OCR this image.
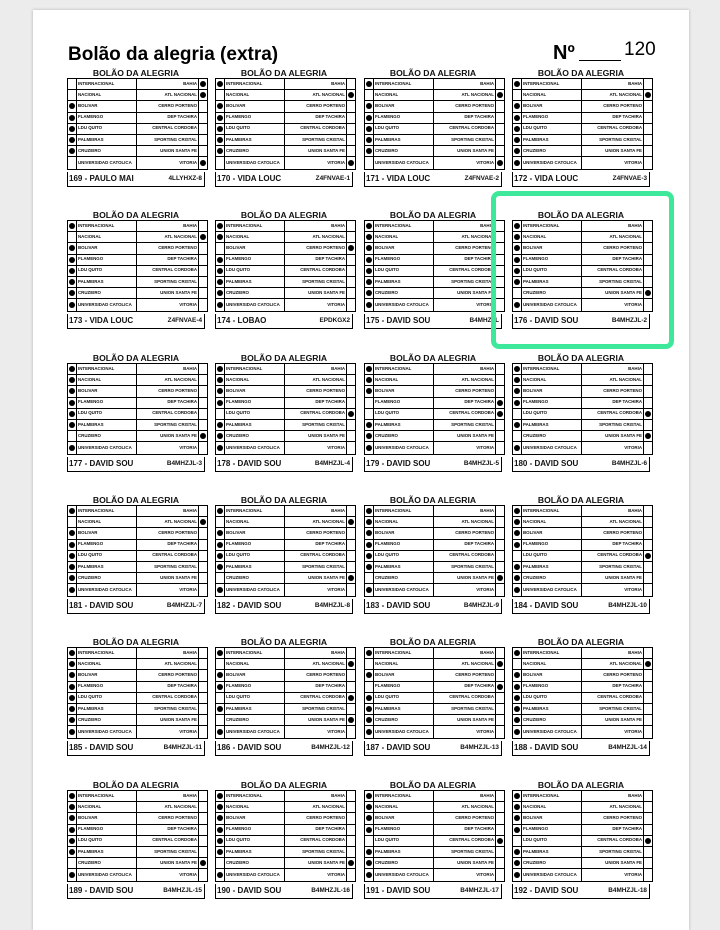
Bolão da alegria (extra)	Nº	120
BOLÃO DA ALEGRIA
	INTERNACIONAL	BAHIA	
	NACIONAL	ATL NACIONAL	
	BOLIVAR	CERRO PORTENO	
	FLAMENGO	DEP TACHIRA	
	LDU QUITO	CENTRAL CORDOBA	
	PALMEIRAS	SPORTING CRISTAL	
	CRUZEIRO	UNION SANTA FE	
	UNIVERSIDAD CATOLICA	VITORIA	
169 - PAULO MAI	4LLYHXZ-8
BOLÃO DA ALEGRIA
	INTERNACIONAL	BAHIA	
	NACIONAL	ATL NACIONAL	
	BOLIVAR	CERRO PORTENO	
	FLAMENGO	DEP TACHIRA	
	LDU QUITO	CENTRAL CORDOBA	
	PALMEIRAS	SPORTING CRISTAL	
	CRUZEIRO	UNION SANTA FE	
	UNIVERSIDAD CATOLICA	VITORIA	
170 - VIDA LOUC	Z4FNVAE-1
BOLÃO DA ALEGRIA
	INTERNACIONAL	BAHIA	
	NACIONAL	ATL NACIONAL	
	BOLIVAR	CERRO PORTENO	
	FLAMENGO	DEP TACHIRA	
	LDU QUITO	CENTRAL CORDOBA	
	PALMEIRAS	SPORTING CRISTAL	
	CRUZEIRO	UNION SANTA FE	
	UNIVERSIDAD CATOLICA	VITORIA	
171 - VIDA LOUC	Z4FNVAE-2
BOLÃO DA ALEGRIA
	INTERNACIONAL	BAHIA	
	NACIONAL	ATL NACIONAL	
	BOLIVAR	CERRO PORTENO	
	FLAMENGO	DEP TACHIRA	
	LDU QUITO	CENTRAL CORDOBA	
	PALMEIRAS	SPORTING CRISTAL	
	CRUZEIRO	UNION SANTA FE	
	UNIVERSIDAD CATOLICA	VITORIA	
172 - VIDA LOUC	Z4FNVAE-3
BOLÃO DA ALEGRIA
	INTERNACIONAL	BAHIA	
	NACIONAL	ATL NACIONAL	
	BOLIVAR	CERRO PORTENO	
	FLAMENGO	DEP TACHIRA	
	LDU QUITO	CENTRAL CORDOBA	
	PALMEIRAS	SPORTING CRISTAL	
	CRUZEIRO	UNION SANTA FE	
	UNIVERSIDAD CATOLICA	VITORIA	
173 - VIDA LOUC	Z4FNVAE-4
BOLÃO DA ALEGRIA
	INTERNACIONAL	BAHIA	
	NACIONAL	ATL NACIONAL	
	BOLIVAR	CERRO PORTENO	
	FLAMENGO	DEP TACHIRA	
	LDU QUITO	CENTRAL CORDOBA	
	PALMEIRAS	SPORTING CRISTAL	
	CRUZEIRO	UNION SANTA FE	
	UNIVERSIDAD CATOLICA	VITORIA	
174 - LOBAO	EPDKGX2
BOLÃO DA ALEGRIA
	INTERNACIONAL	BAHIA	
	NACIONAL	ATL NACIONAL	
	BOLIVAR	CERRO PORTENO	
	FLAMENGO	DEP TACHIRA	
	LDU QUITO	CENTRAL CORDOBA	
	PALMEIRAS	SPORTING CRISTAL	
	CRUZEIRO	UNION SANTA FE	
	UNIVERSIDAD CATOLICA	VITORIA	
175 - DAVID SOU	B4MHZJL
BOLÃO DA ALEGRIA
	INTERNACIONAL	BAHIA	
	NACIONAL	ATL NACIONAL	
	BOLIVAR	CERRO PORTENO	
	FLAMENGO	DEP TACHIRA	
	LDU QUITO	CENTRAL CORDOBA	
	PALMEIRAS	SPORTING CRISTAL	
	CRUZEIRO	UNION SANTA FE	
	UNIVERSIDAD CATOLICA	VITORIA	
176 - DAVID SOU	B4MHZJL-2
BOLÃO DA ALEGRIA
	INTERNACIONAL	BAHIA	
	NACIONAL	ATL NACIONAL	
	BOLIVAR	CERRO PORTENO	
	FLAMENGO	DEP TACHIRA	
	LDU QUITO	CENTRAL CORDOBA	
	PALMEIRAS	SPORTING CRISTAL	
	CRUZEIRO	UNION SANTA FE	
	UNIVERSIDAD CATOLICA	VITORIA	
177 - DAVID SOU	B4MHZJL-3
BOLÃO DA ALEGRIA
	INTERNACIONAL	BAHIA	
	NACIONAL	ATL NACIONAL	
	BOLIVAR	CERRO PORTENO	
	FLAMENGO	DEP TACHIRA	
	LDU QUITO	CENTRAL CORDOBA	
	PALMEIRAS	SPORTING CRISTAL	
	CRUZEIRO	UNION SANTA FE	
	UNIVERSIDAD CATOLICA	VITORIA	
178 - DAVID SOU	B4MHZJL-4
BOLÃO DA ALEGRIA
	INTERNACIONAL	BAHIA	
	NACIONAL	ATL NACIONAL	
	BOLIVAR	CERRO PORTENO	
	FLAMENGO	DEP TACHIRA	
	LDU QUITO	CENTRAL CORDOBA	
	PALMEIRAS	SPORTING CRISTAL	
	CRUZEIRO	UNION SANTA FE	
	UNIVERSIDAD CATOLICA	VITORIA	
179 - DAVID SOU	B4MHZJL-5
BOLÃO DA ALEGRIA
	INTERNACIONAL	BAHIA	
	NACIONAL	ATL NACIONAL	
	BOLIVAR	CERRO PORTENO	
	FLAMENGO	DEP TACHIRA	
	LDU QUITO	CENTRAL CORDOBA	
	PALMEIRAS	SPORTING CRISTAL	
	CRUZEIRO	UNION SANTA FE	
	UNIVERSIDAD CATOLICA	VITORIA	
180 - DAVID SOU	B4MHZJL-6
BOLÃO DA ALEGRIA
	INTERNACIONAL	BAHIA	
	NACIONAL	ATL NACIONAL	
	BOLIVAR	CERRO PORTENO	
	FLAMENGO	DEP TACHIRA	
	LDU QUITO	CENTRAL CORDOBA	
	PALMEIRAS	SPORTING CRISTAL	
	CRUZEIRO	UNION SANTA FE	
	UNIVERSIDAD CATOLICA	VITORIA	
181 - DAVID SOU	B4MHZJL-7
BOLÃO DA ALEGRIA
	INTERNACIONAL	BAHIA	
	NACIONAL	ATL NACIONAL	
	BOLIVAR	CERRO PORTENO	
	FLAMENGO	DEP TACHIRA	
	LDU QUITO	CENTRAL CORDOBA	
	PALMEIRAS	SPORTING CRISTAL	
	CRUZEIRO	UNION SANTA FE	
	UNIVERSIDAD CATOLICA	VITORIA	
182 - DAVID SOU	B4MHZJL-8
BOLÃO DA ALEGRIA
	INTERNACIONAL	BAHIA	
	NACIONAL	ATL NACIONAL	
	BOLIVAR	CERRO PORTENO	
	FLAMENGO	DEP TACHIRA	
	LDU QUITO	CENTRAL CORDOBA	
	PALMEIRAS	SPORTING CRISTAL	
	CRUZEIRO	UNION SANTA FE	
	UNIVERSIDAD CATOLICA	VITORIA	
183 - DAVID SOU	B4MHZJL-9
BOLÃO DA ALEGRIA
	INTERNACIONAL	BAHIA	
	NACIONAL	ATL NACIONAL	
	BOLIVAR	CERRO PORTENO	
	FLAMENGO	DEP TACHIRA	
	LDU QUITO	CENTRAL CORDOBA	
	PALMEIRAS	SPORTING CRISTAL	
	CRUZEIRO	UNION SANTA FE	
	UNIVERSIDAD CATOLICA	VITORIA	
184 - DAVID SOU	B4MHZJL-10
BOLÃO DA ALEGRIA
	INTERNACIONAL	BAHIA	
	NACIONAL	ATL NACIONAL	
	BOLIVAR	CERRO PORTENO	
	FLAMENGO	DEP TACHIRA	
	LDU QUITO	CENTRAL CORDOBA	
	PALMEIRAS	SPORTING CRISTAL	
	CRUZEIRO	UNION SANTA FE	
	UNIVERSIDAD CATOLICA	VITORIA	
185 - DAVID SOU	B4MHZJL-11
BOLÃO DA ALEGRIA
	INTERNACIONAL	BAHIA	
	NACIONAL	ATL NACIONAL	
	BOLIVAR	CERRO PORTENO	
	FLAMENGO	DEP TACHIRA	
	LDU QUITO	CENTRAL CORDOBA	
	PALMEIRAS	SPORTING CRISTAL	
	CRUZEIRO	UNION SANTA FE	
	UNIVERSIDAD CATOLICA	VITORIA	
186 - DAVID SOU	B4MHZJL-12
BOLÃO DA ALEGRIA
	INTERNACIONAL	BAHIA	
	NACIONAL	ATL NACIONAL	
	BOLIVAR	CERRO PORTENO	
	FLAMENGO	DEP TACHIRA	
	LDU QUITO	CENTRAL CORDOBA	
	PALMEIRAS	SPORTING CRISTAL	
	CRUZEIRO	UNION SANTA FE	
	UNIVERSIDAD CATOLICA	VITORIA	
187 - DAVID SOU	B4MHZJL-13
BOLÃO DA ALEGRIA
	INTERNACIONAL	BAHIA	
	NACIONAL	ATL NACIONAL	
	BOLIVAR	CERRO PORTENO	
	FLAMENGO	DEP TACHIRA	
	LDU QUITO	CENTRAL CORDOBA	
	PALMEIRAS	SPORTING CRISTAL	
	CRUZEIRO	UNION SANTA FE	
	UNIVERSIDAD CATOLICA	VITORIA	
188 - DAVID SOU	B4MHZJL-14
BOLÃO DA ALEGRIA
	INTERNACIONAL	BAHIA	
	NACIONAL	ATL NACIONAL	
	BOLIVAR	CERRO PORTENO	
	FLAMENGO	DEP TACHIRA	
	LDU QUITO	CENTRAL CORDOBA	
	PALMEIRAS	SPORTING CRISTAL	
	CRUZEIRO	UNION SANTA FE	
	UNIVERSIDAD CATOLICA	VITORIA	
189 - DAVID SOU	B4MHZJL-15
BOLÃO DA ALEGRIA
	INTERNACIONAL	BAHIA	
	NACIONAL	ATL NACIONAL	
	BOLIVAR	CERRO PORTENO	
	FLAMENGO	DEP TACHIRA	
	LDU QUITO	CENTRAL CORDOBA	
	PALMEIRAS	SPORTING CRISTAL	
	CRUZEIRO	UNION SANTA FE	
	UNIVERSIDAD CATOLICA	VITORIA	
190 - DAVID SOU	B4MHZJL-16
BOLÃO DA ALEGRIA
	INTERNACIONAL	BAHIA	
	NACIONAL	ATL NACIONAL	
	BOLIVAR	CERRO PORTENO	
	FLAMENGO	DEP TACHIRA	
	LDU QUITO	CENTRAL CORDOBA	
	PALMEIRAS	SPORTING CRISTAL	
	CRUZEIRO	UNION SANTA FE	
	UNIVERSIDAD CATOLICA	VITORIA	
191 - DAVID SOU	B4MHZJL-17
BOLÃO DA ALEGRIA
	INTERNACIONAL	BAHIA	
	NACIONAL	ATL NACIONAL	
	BOLIVAR	CERRO PORTENO	
	FLAMENGO	DEP TACHIRA	
	LDU QUITO	CENTRAL CORDOBA	
	PALMEIRAS	SPORTING CRISTAL	
	CRUZEIRO	UNION SANTA FE	
	UNIVERSIDAD CATOLICA	VITORIA	
192 - DAVID SOU	B4MHZJL-18
